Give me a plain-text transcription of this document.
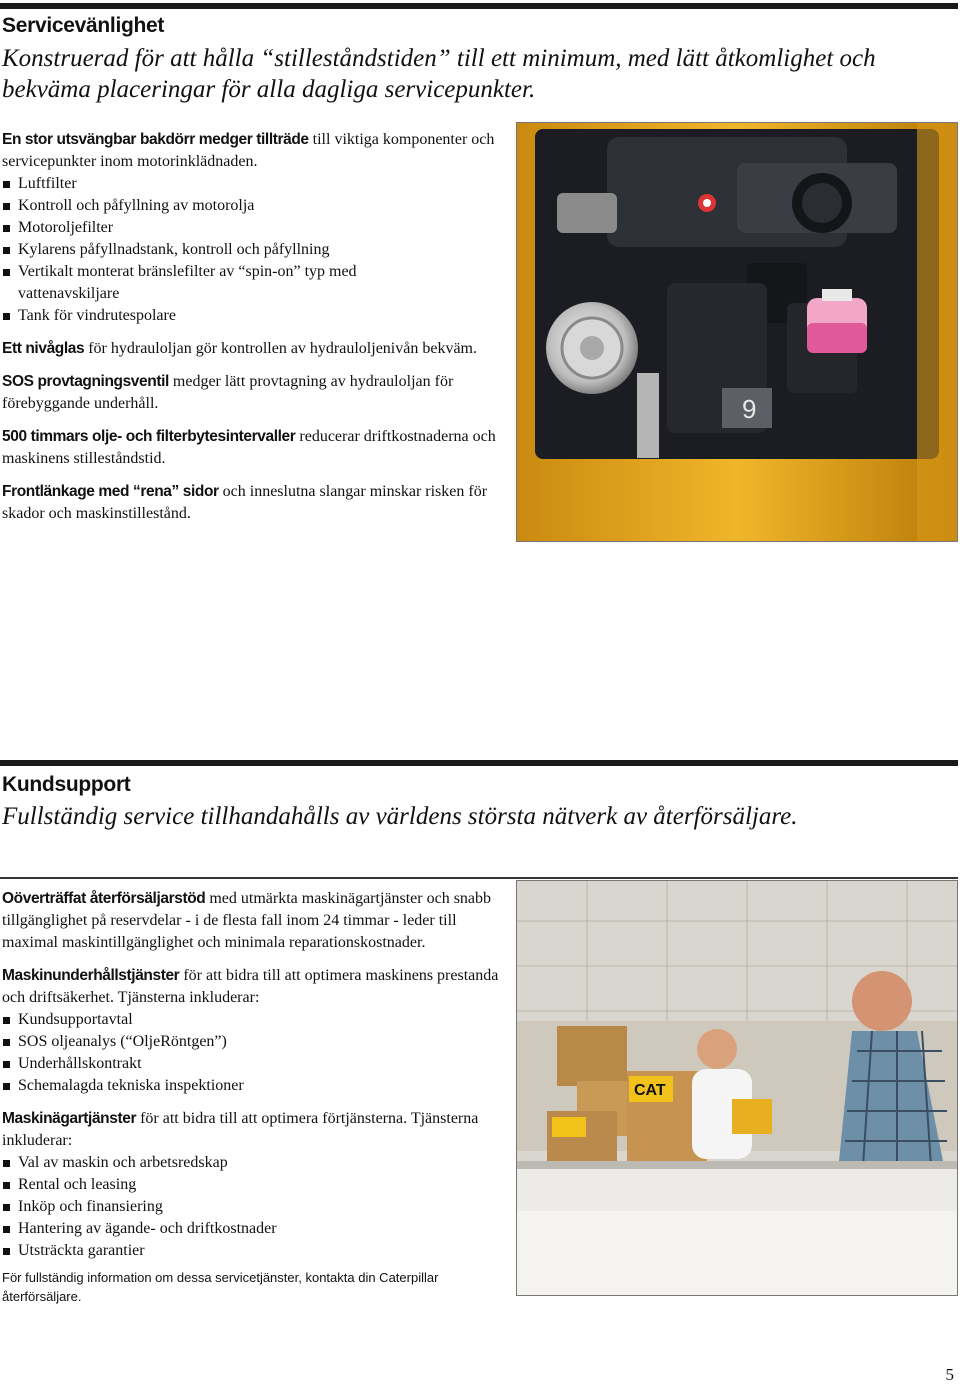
Servicevänlighet
Konstruerad för att hålla “stilleståndstiden” till ett minimum, med lätt åtkomlighet och bekväma placeringar för alla dagliga servicepunkter.

En stor utsvängbar bakdörr medger tillträde till viktiga komponenter och servicepunkter inom motorinklädnaden.

Luftfilter
Kontroll och påfyllning av motorolja
Motoroljefilter
Kylarens påfyllnadstank, kontroll och påfyllning
Vertikalt monterat bränslefilter av “spin-on” typ med vattenavskiljare
Tank för vindrutespolare

Ett nivåglas för hydrauloljan gör kontrollen av hydrauloljenivån bekväm.

SOS provtagningsventil medger lätt provtagning av hydrauloljan för förebyggande underhåll.

500 timmars olje- och filterbytesintervaller reducerar driftkostnaderna och maskinens stilleståndstid.

Frontlänkage med “rena” sidor och inneslutna slangar minskar risken för skador och maskinstillestånd.

9
Kundsupport
Fullständig service tillhandahålls av världens största nätverk av återförsäljare.

Oöverträffat återförsäljarstöd med utmärkta maskinägartjänster och snabb tillgänglighet på reservdelar - i de flesta fall inom 24 timmar - leder till maximal maskintillgänglighet och minimala reparationskostnader.

Maskinunderhållstjänster för att bidra till att optimera maskinens prestanda och driftsäkerhet. Tjänsterna inkluderar:

Kundsupportavtal
SOS oljeanalys (“OljeRöntgen”)
Underhållskontrakt
Schemalagda tekniska inspektioner

Maskinägartjänster för att bidra till att optimera förtjänsterna. Tjänsterna inkluderar:

Val av maskin och arbetsredskap
Rental och leasing
Inköp och finansiering
Hantering av ägande- och driftkostnader
Utsträckta garantier
För fullständig information om dessa servicetjänster, kontakta din Caterpillar återförsäljare.
CAT
5
